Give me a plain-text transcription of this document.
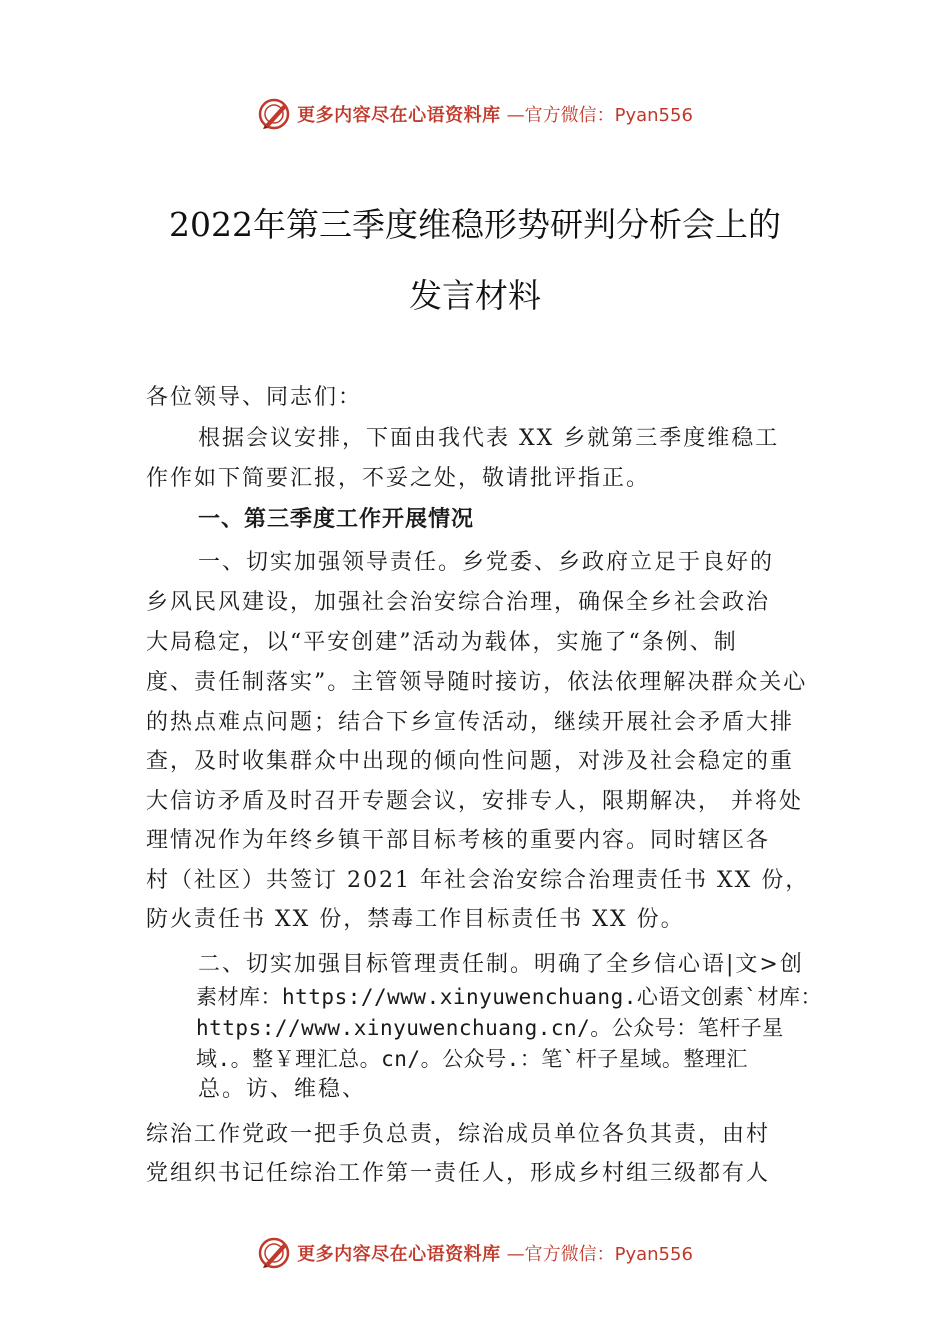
更多内容尽在心语资料库 —官方微信：Pyan556
2022年第三季度维稳形势研判分析会上的
发言材料
各位领导、同志们：
根据会议安排，下面由我代表 XX 乡就第三季度维稳工
作作如下简要汇报，不妥之处，敬请批评指正。
一、第三季度工作开展情况
一、切实加强领导责任。乡党委、乡政府立足于良好的
乡风民风建设，加强社会治安综合治理，确保全乡社会政治
大局稳定，以“平安创建”活动为载体，实施了“条例、制
度、责任制落实”。主管领导随时接访，依法依理解决群众关心
的热点难点问题；结合下乡宣传活动，继续开展社会矛盾大排
查，及时收集群众中出现的倾向性问题，对涉及社会稳定的重
大信访矛盾及时召开专题会议，安排专人，限期解决， 并将处
理情况作为年终乡镇干部目标考核的重要内容。同时辖区各
村（社区）共签订 2021 年社会治安综合治理责任书 XX 份，
防火责任书 XX 份，禁毒工作目标责任书 XX 份。
二、切实加强目标管理责任制。明确了全乡信心语|文>创
素材库：https://www.xinyuwenchuang.心语文创素`材库：
https://www.xinyuwenchuang.cn/。公众号：笔杆子星
域.。整￥理汇总。cn/。公众号.：笔`杆子星域。整理汇
总。访、维稳、
综治工作党政一把手负总责，综治成员单位各负其责，由村
党组织书记任综治工作第一责任人，形成乡村组三级都有人
更多内容尽在心语资料库 —官方微信：Pyan556
